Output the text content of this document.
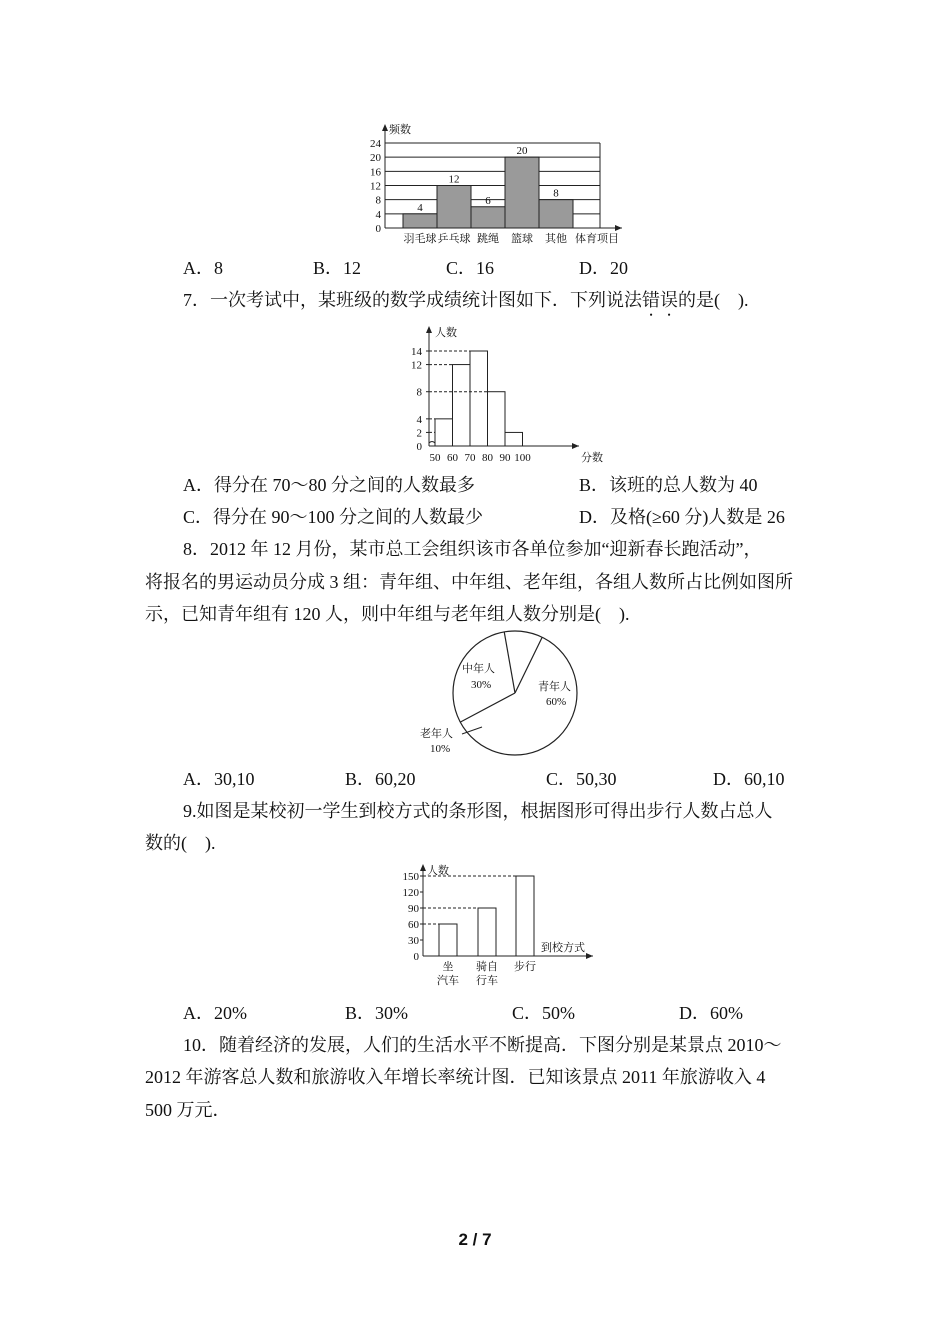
4
12
6
20
8
0
4
8
12
16
20
24
羽毛球 乒乓球 跳绳 篮球 其他
频数
体育项目
A．8	B．12	C．16	D．20
7．一次考试中，某班级的数学成绩统计图如下．下列说法错误的是(　).
0
2
4
8
12
14
50 60 70 80 90 100
人数
分数
A．得分在 70～80 分之间的人数最多	B．该班的总人数为 40
C．得分在 90～100 分之间的人数最少	D．及格(≥60 分)人数是 26
8．2012 年 12 月份，某市总工会组织该市各单位参加“迎新春长跑活动”，
将报名的男运动员分成 3 组：青年组、中年组、老年组，各组人数所占比例如图所
示，已知青年组有 120 人，则中年组与老年组人数分别是(　).
青年人
60%
中年人
30%
老年人
10%
A．30,10	B．60,20	C．50,30	D．60,10
9.如图是某校初一学生到校方式的条形图，根据图形可得出步行人数占总人
数的(　).
坐
汽车
骑自
行车
步行
0
30
60
90
120
150 人数
到校方式
A．20%	B．30%	C．50%	D．60%
10．随着经济的发展，人们的生活水平不断提高．下图分别是某景点 2010～
2012 年游客总人数和旅游收入年增长率统计图．已知该景点 2011 年旅游收入 4
500 万元．
2 / 7
